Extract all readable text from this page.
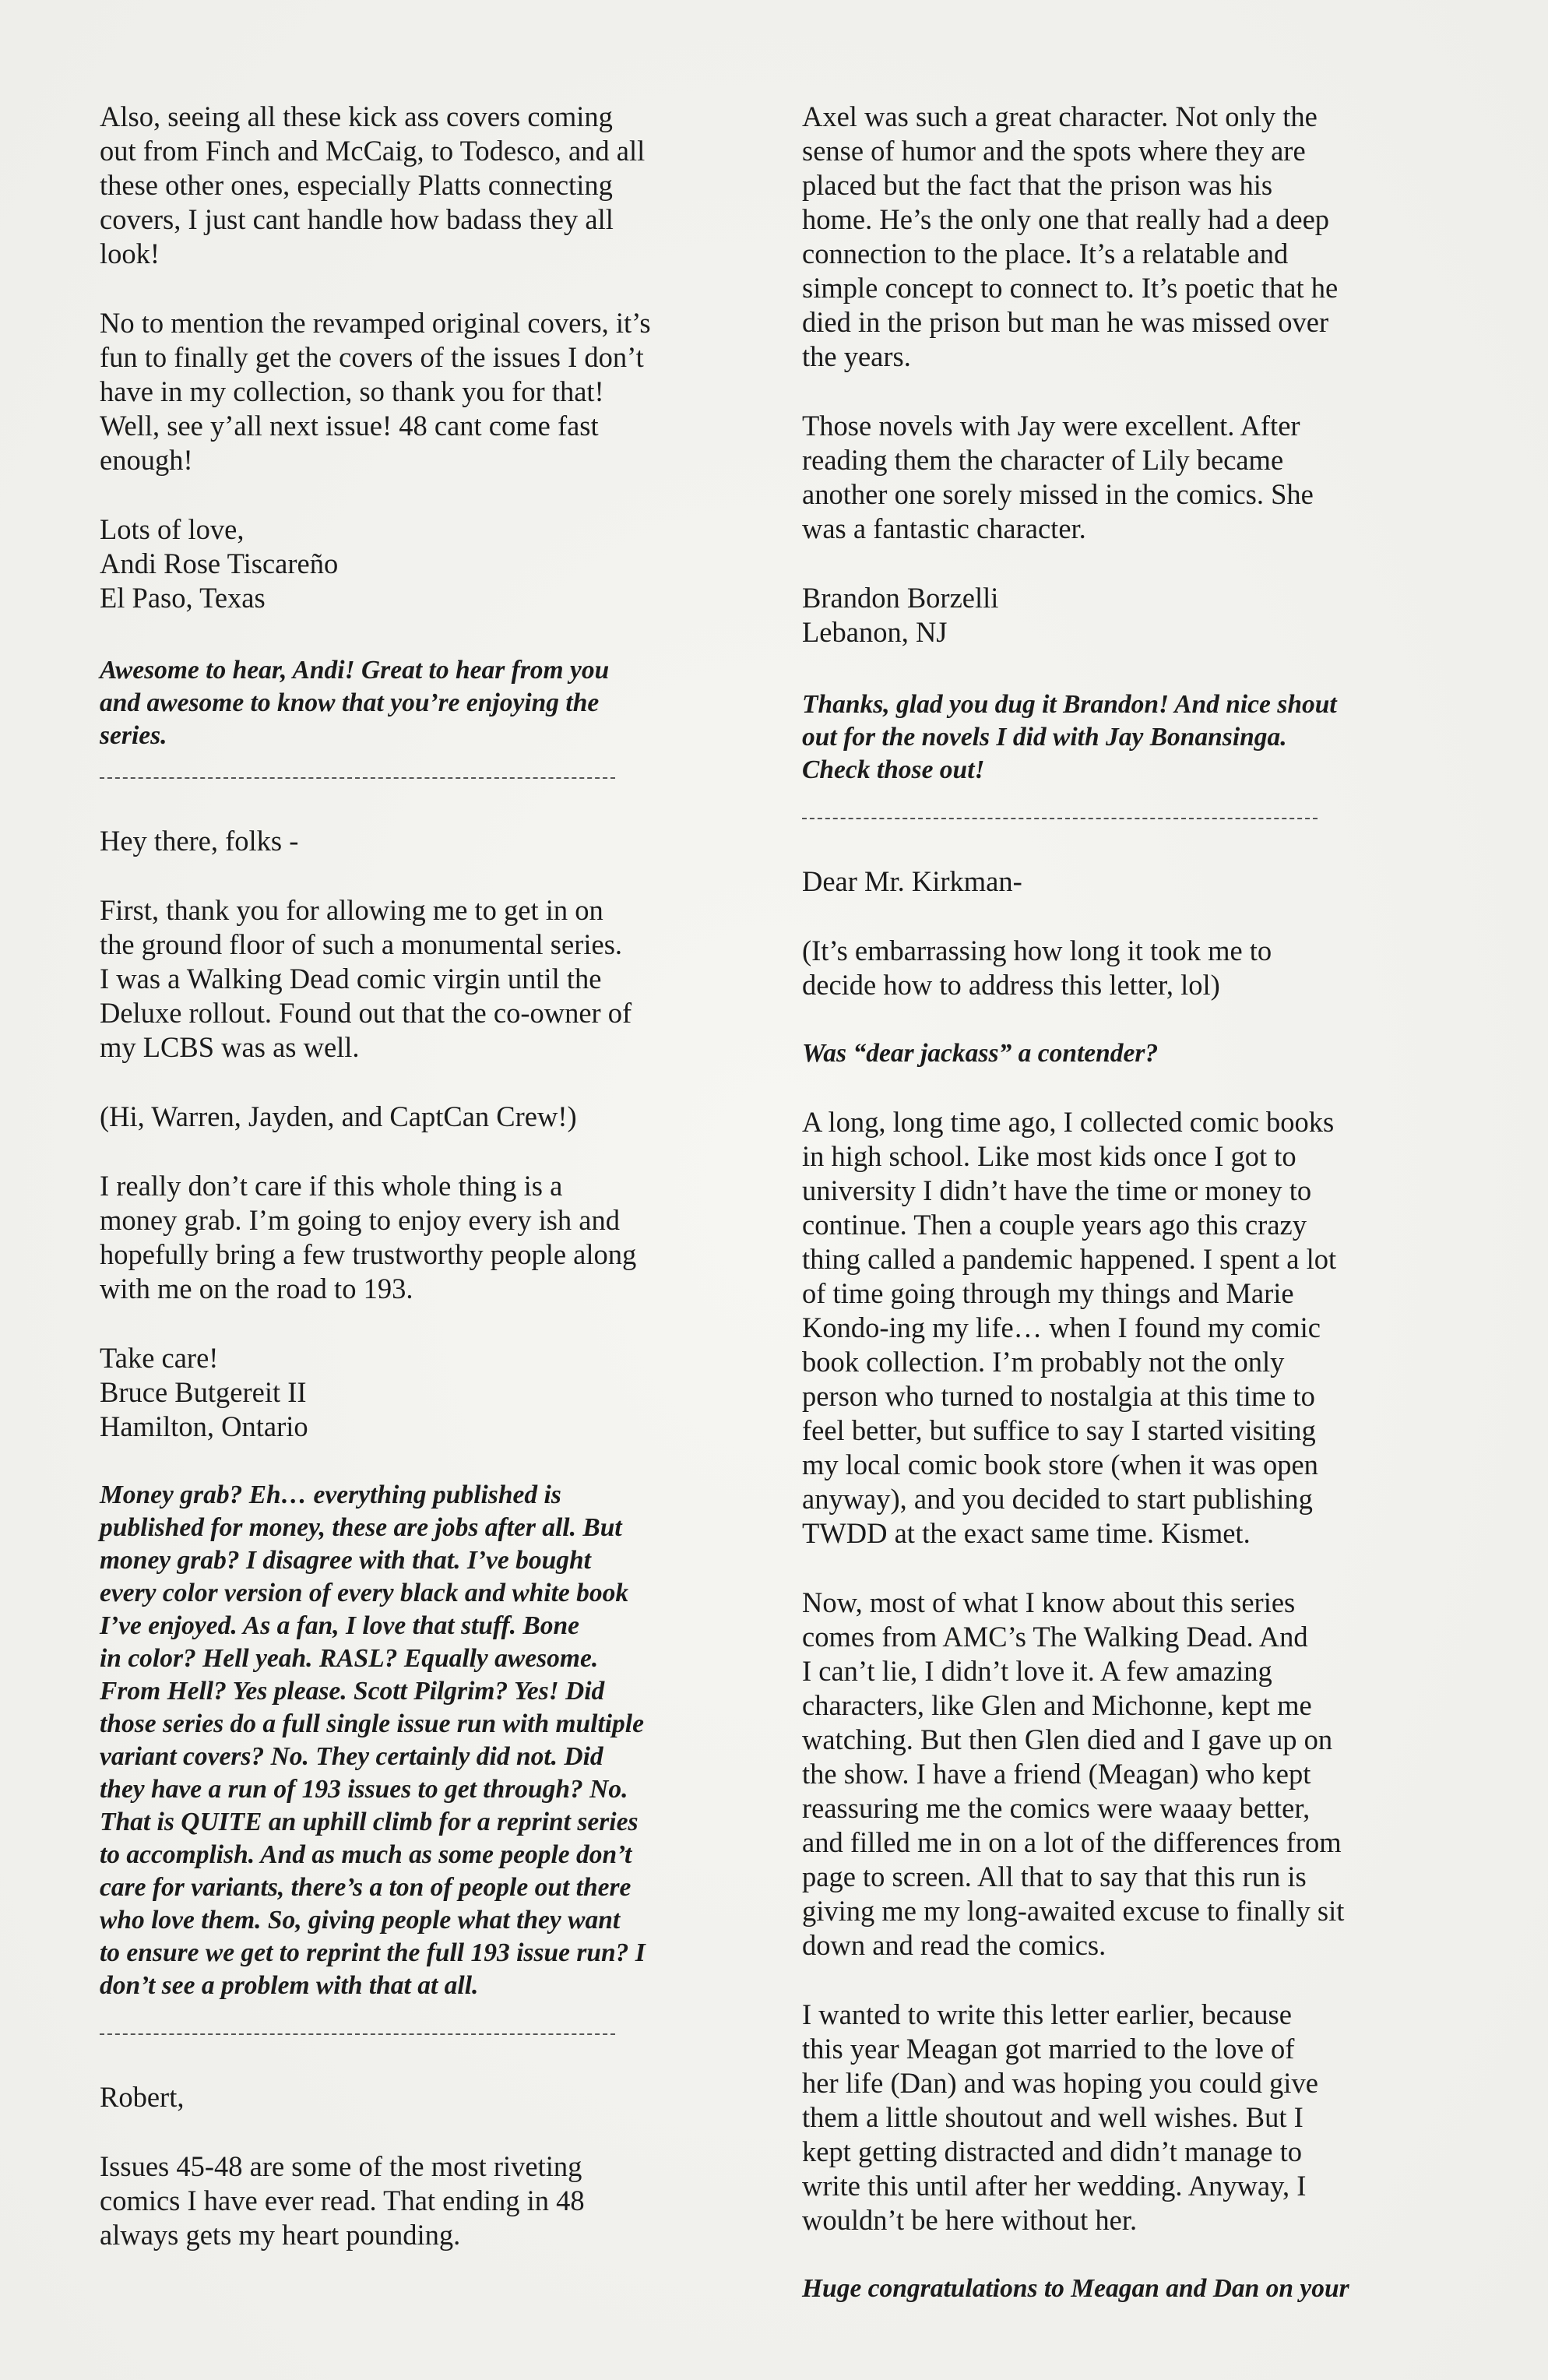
Also, seeing all these kick ass covers coming
out from Finch and McCaig, to Todesco, and all
these other ones, especially Platts connecting
covers, I just cant handle how badass they all
look!

No to mention the revamped original covers, it’s
fun to finally get the covers of the issues I don’t
have in my collection, so thank you for that!
Well, see y’all next issue! 48 cant come fast
enough!

Lots of love,
Andi Rose Tiscareño
El Paso, Texas

Awesome to hear, Andi! Great to hear from you
and awesome to know that you’re enjoying the
series.

Hey there, folks -

First, thank you for allowing me to get in on
the ground floor of such a monumental series.
I was a Walking Dead comic virgin until the
Deluxe rollout. Found out that the co-owner of
my LCBS was as well.

(Hi, Warren, Jayden, and CaptCan Crew!)

I really don’t care if this whole thing is a
money grab. I’m going to enjoy every ish and
hopefully bring a few trustworthy people along
with me on the road to 193.

Take care!
Bruce Butgereit II
Hamilton, Ontario

Money grab? Eh… everything published is
published for money, these are jobs after all. But
money grab? I disagree with that. I’ve bought
every color version of every black and white book
I’ve enjoyed. As a fan, I love that stuff. Bone
in color? Hell yeah. RASL? Equally awesome.
From Hell? Yes please. Scott Pilgrim? Yes! Did
those series do a full single issue run with multiple
variant covers? No. They certainly did not. Did
they have a run of 193 issues to get through? No.
That is QUITE an uphill climb for a reprint series
to accomplish. And as much as some people don’t
care for variants, there’s a ton of people out there
who love them. So, giving people what they want
to ensure we get to reprint the full 193 issue run? I
don’t see a problem with that at all.

Robert,

Issues 45-48 are some of the most riveting
comics I have ever read. That ending in 48
always gets my heart pounding.

Axel was such a great character. Not only the
sense of humor and the spots where they are
placed but the fact that the prison was his
home. He’s the only one that really had a deep
connection to the place. It’s a relatable and
simple concept to connect to. It’s poetic that he
died in the prison but man he was missed over
the years.

Those novels with Jay were excellent. After
reading them the character of Lily became
another one sorely missed in the comics. She
was a fantastic character.

Brandon Borzelli
Lebanon, NJ

Thanks, glad you dug it Brandon! And nice shout
out for the novels I did with Jay Bonansinga.
Check those out!

Dear Mr. Kirkman-

(It’s embarrassing how long it took me to
decide how to address this letter, lol)

Was “dear jackass” a contender?

A long, long time ago, I collected comic books
in high school. Like most kids once I got to
university I didn’t have the time or money to
continue. Then a couple years ago this crazy
thing called a pandemic happened. I spent a lot
of time going through my things and Marie
Kondo-ing my life… when I found my comic
book collection. I’m probably not the only
person who turned to nostalgia at this time to
feel better, but suffice to say I started visiting
my local comic book store (when it was open
anyway), and you decided to start publishing
TWDD at the exact same time. Kismet.

Now, most of what I know about this series
comes from AMC’s The Walking Dead. And
I can’t lie, I didn’t love it. A few amazing
characters, like Glen and Michonne, kept me
watching. But then Glen died and I gave up on
the show. I have a friend (Meagan) who kept
reassuring me the comics were waaay better,
and filled me in on a lot of the differences from
page to screen. All that to say that this run is
giving me my long-awaited excuse to finally sit
down and read the comics.

I wanted to write this letter earlier, because
this year Meagan got married to the love of
her life (Dan) and was hoping you could give
them a little shoutout and well wishes. But I
kept getting distracted and didn’t manage to
write this until after her wedding. Anyway, I
wouldn’t be here without her.

Huge congratulations to Meagan and Dan on your
